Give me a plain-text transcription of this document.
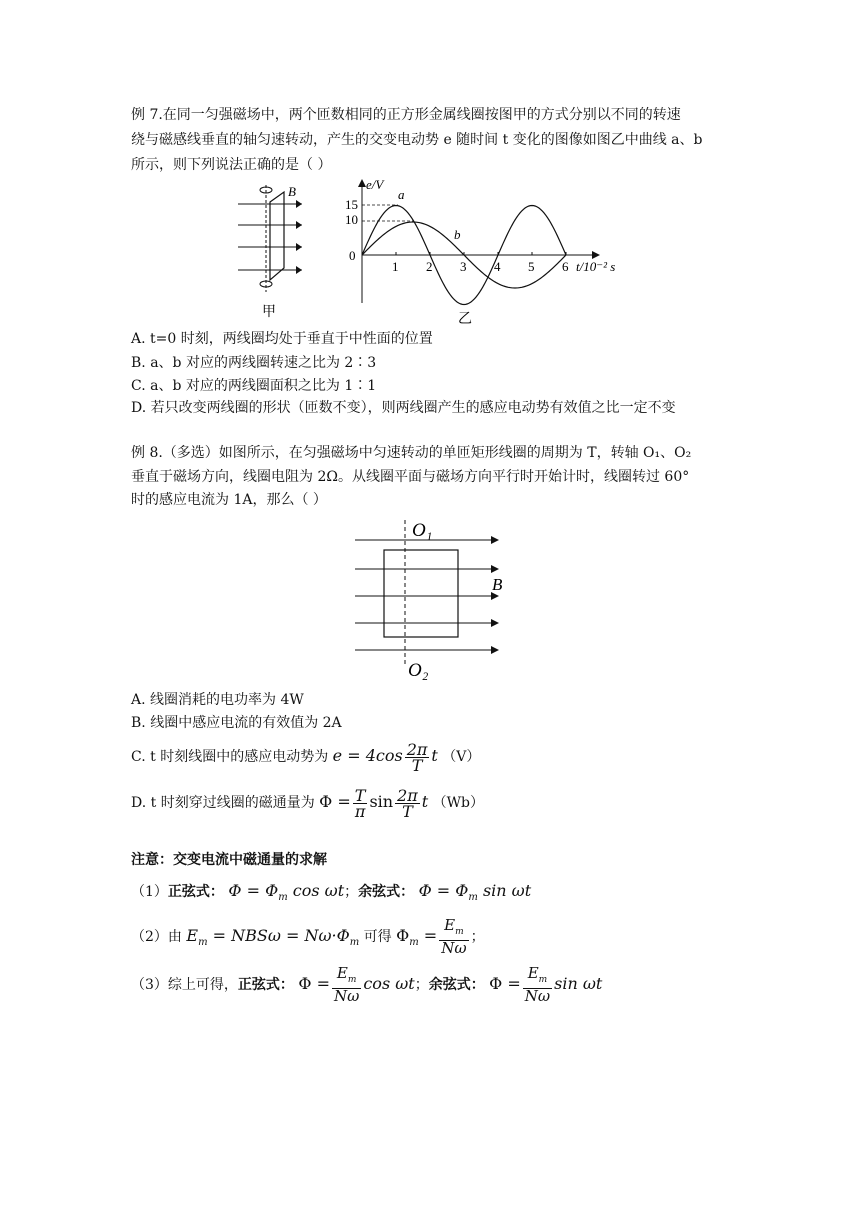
例 7.在同一匀强磁场中，两个匝数相同的正方形金属线圈按图甲的方式分别以不同的转速
绕与磁感线垂直的轴匀速转动，产生的交变电动势 e 随时间 t 变化的图像如图乙中曲线 a、b
所示，则下列说法正确的是（ ）
B
甲
e/V
t/10⁻² s
0
15
10
1 2 3 4 5 6
a
b
乙
A. t=0 时刻，两线圈均处于垂直于中性面的位置
B. a、b 对应的两线圈转速之比为 2∶3
C. a、b 对应的两线圈面积之比为 1∶1
D. 若只改变两线圈的形状（匝数不变），则两线圈产生的感应电动势有效值之比一定不变
例 8.（多选）如图所示，在匀强磁场中匀速转动的单匝矩形线圈的周期为 T，转轴 O₁、O₂
垂直于磁场方向，线圈电阻为 2Ω。从线圈平面与磁场方向平行时开始计时，线圈转过 60°
时的感应电流为 1A，那么（ ）
O₁
B
O₂
A. 线圈消耗的电功率为 4W
B. 线圈中感应电流的有效值为 2A
C. t 时刻线圈中的感应电动势为 $e = 4\cos \frac{2\pi}{T}$ t （V）
D. t 时刻穿过线圈的磁通量为 $\Phi = \frac{T}{\pi}$ $\sin \frac{2\pi}{T}$ t （Wb）
注意：交变电流中磁通量的求解
（1）正弦式： $\Phi = \Phi_m$ cos ωt；余弦式： $\Phi = \Phi_m$ sin ωt
（2）由 $E_m = NBS\omega = N\omega\cdot\Phi_m$ 可得 $\Phi_m = \frac{E_m}{N\omega}$ ；
（3）综上可得，正弦式： $\Phi = \frac{E_m}{N\omega}$ cos ωt；余弦式： $\Phi = \frac{E_m}{N\omega}$ sin ωt
